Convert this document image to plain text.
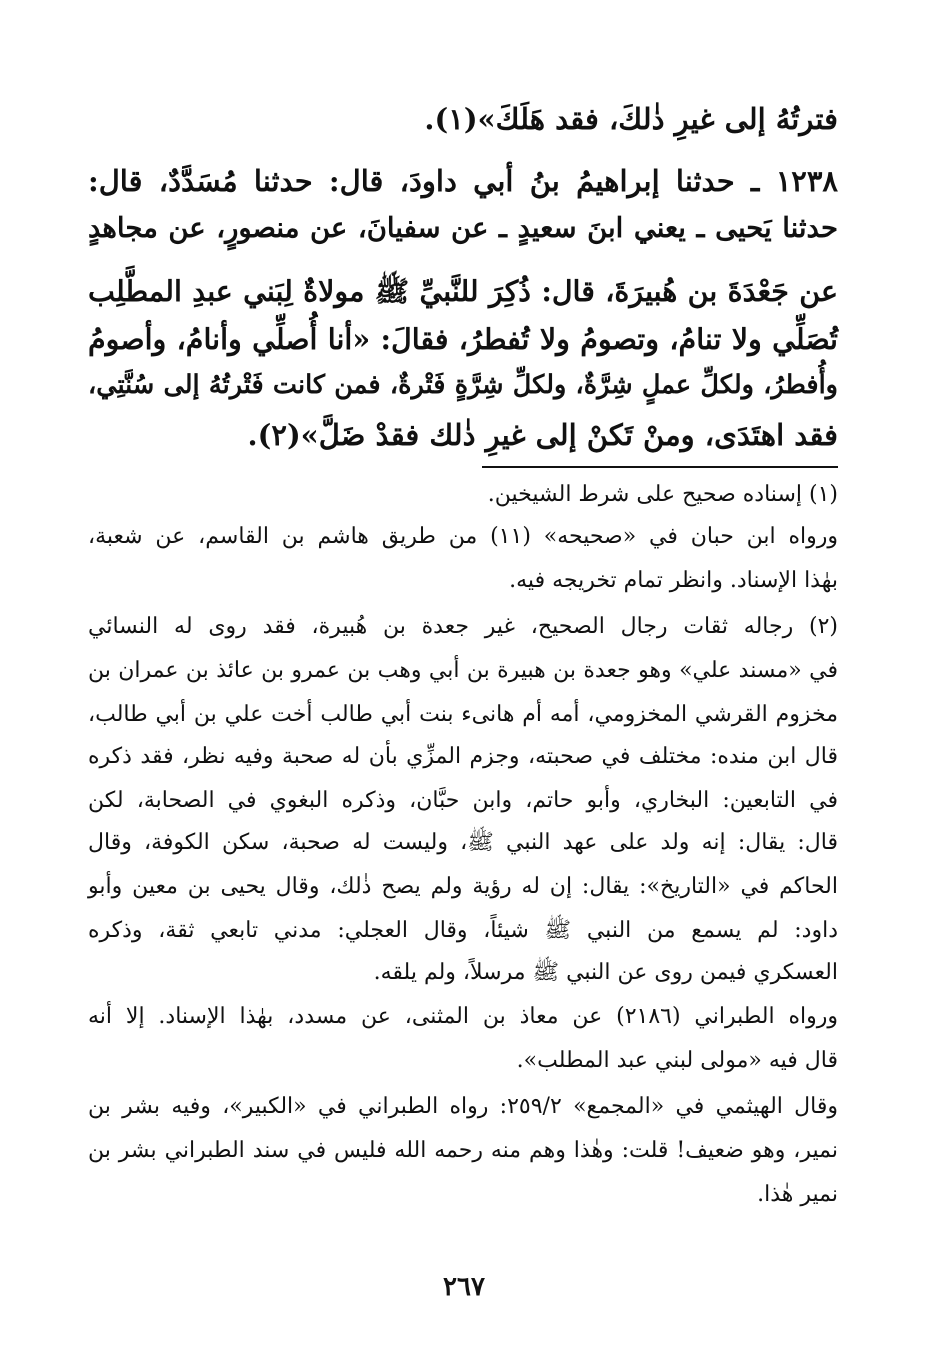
فترتُهُ إلى غيرِ ذٰلكَ، فقد هَلَكَ»(١).
١٢٣٨ ـ حدثنا إبراهيمُ بنُ أبي داودَ، قال: حدثنا مُسَدَّدٌ، قال:
حدثنا يَحيى ـ يعني ابنَ سعيدٍ ـ عن سفيانَ، عن منصورٍ، عن مجاهدٍ
عن جَعْدَةَ بن هُبيرَةَ، قال: ذُكِرَ للنَّبيِّ ﷺ مولاةٌ لِبَني عبدِ المطَّلِب
تُصَلِّي ولا تنامُ، وتصومُ ولا تُفطرُ، فقالَ: «أنا أُصلِّي وأنامُ، وأصومُ
وأُفطرُ، ولكلِّ عملٍ شِرَّةٌ، ولكلِّ شِرَّةٍ فَتْرةٌ، فمن كانت فَتْرتُهُ إلى سُنَّتِي،
فقد اهتَدَى، ومنْ تَكنْ إلى غيرِ ذٰلك فقدْ ضَلَّ»(٢).
(١) إسناده صحيح على شرط الشيخين.
ورواه ابن حبان في «صحيحه» (١١) من طريق هاشم بن القاسم، عن شعبة،
بهٰذا الإسناد. وانظر تمام تخريجه فيه.
(٢) رجاله ثقات رجال الصحيح، غير جعدة بن هُبيرة، فقد روى له النسائي
في «مسند علي» وهو جعدة بن هبيرة بن أبي وهب بن عمرو بن عائذ بن عمران بن
مخزوم القرشي المخزومي، أمه أم هانىء بنت أبي طالب أخت علي بن أبي طالب،
قال ابن منده: مختلف في صحبته، وجزم المزِّي بأن له صحبة وفيه نظر، فقد ذكره
في التابعين: البخاري، وأبو حاتم، وابن حبَّان، وذكره البغوي في الصحابة، لكن
قال: يقال: إنه ولد على عهد النبي ﷺ، وليست له صحبة، سكن الكوفة، وقال
الحاكم في «التاريخ»: يقال: إن له رؤية ولم يصح ذٰلك، وقال يحيى بن معين وأبو
داود: لم يسمع من النبي ﷺ شيئاً، وقال العجلي: مدني تابعي ثقة، وذكره
العسكري فيمن روى عن النبي ﷺ مرسلاً، ولم يلقه.
ورواه الطبراني (٢١٨٦) عن معاذ بن المثنى، عن مسدد، بهٰذا الإسناد. إلا أنه
قال فيه «مولى لبني عبد المطلب».
وقال الهيثمي في «المجمع» ٢٥٩/٢: رواه الطبراني في «الكبير»، وفيه بشر بن
نمير، وهو ضعيف! قلت: وهٰذا وهم منه رحمه الله فليس في سند الطبراني بشر بن
نمير هٰذا.
٢٦٧
